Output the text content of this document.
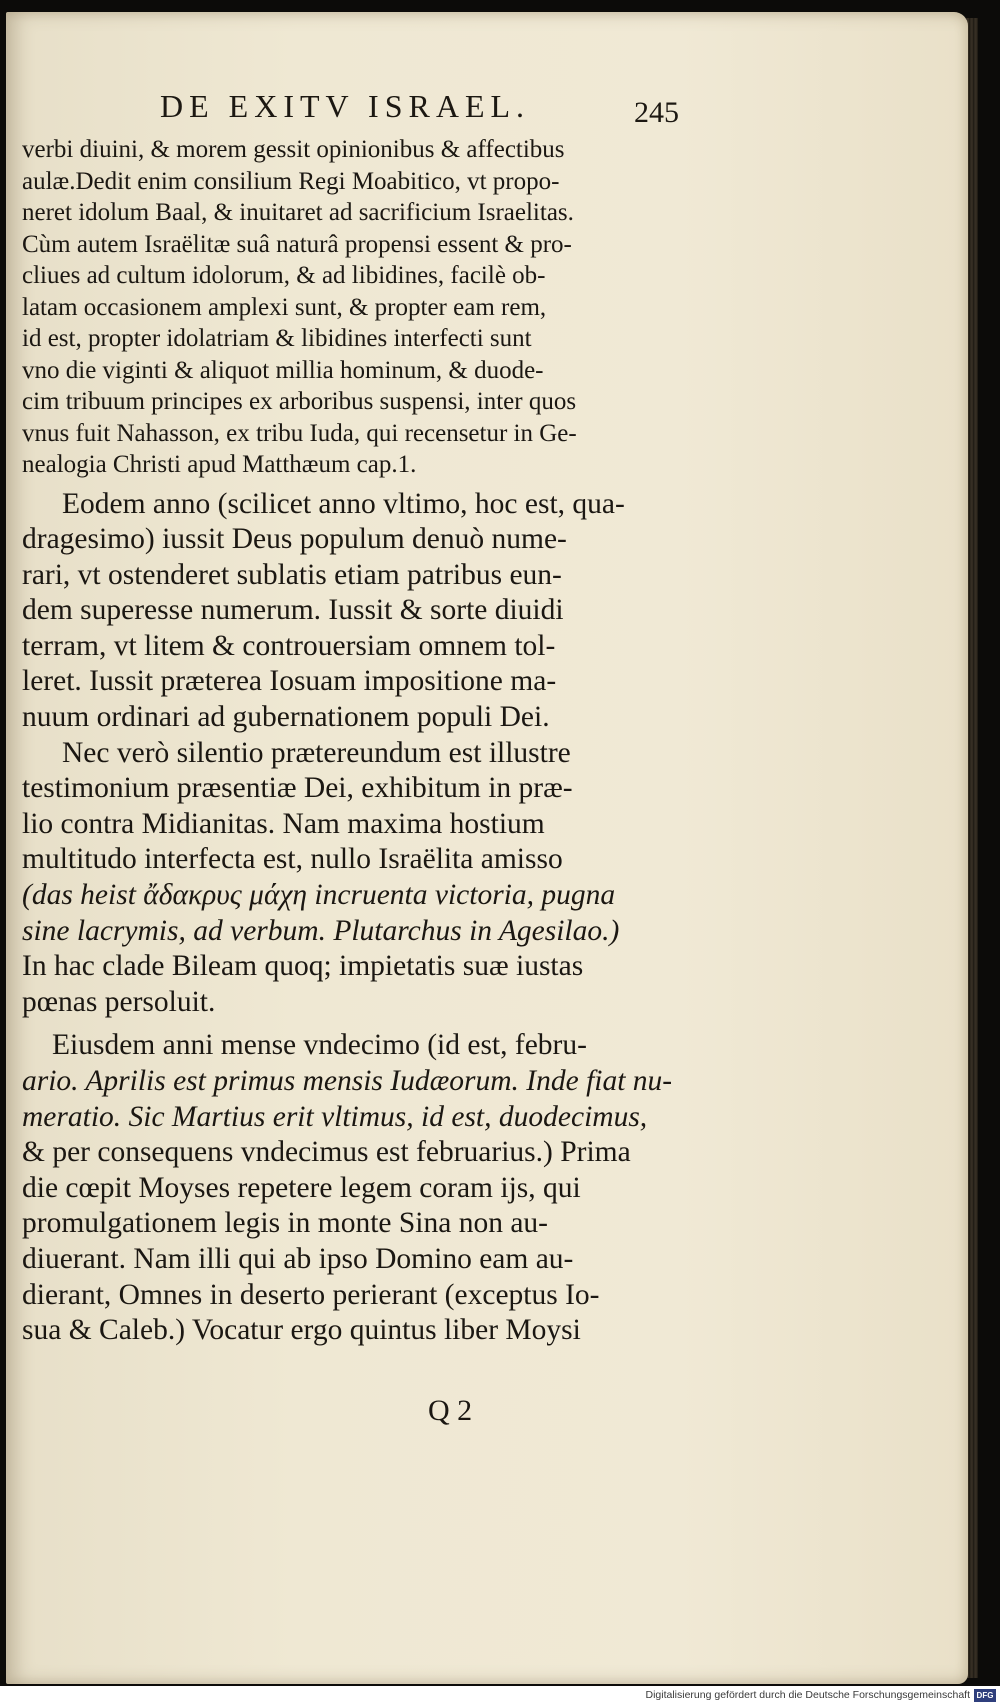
DE EXITV ISRAEL.	245
verbi diuini, & morem gessit opinionibus & affectibus
aulæ.Dedit enim consilium Regi Moabitico, vt propo-
neret idolum Baal, & inuitaret ad sacrificium Israelitas.
Cùm autem Israëlitæ suâ naturâ propensi essent & pro-
cliues ad cultum idolorum, & ad libidines, facilè ob-
latam occasionem amplexi sunt, & propter eam rem,
id est, propter idolatriam & libidines interfecti sunt
vno die viginti & aliquot millia hominum, & duode-
cim tribuum principes ex arboribus suspensi, inter quos
vnus fuit Nahasson, ex tribu Iuda, qui recensetur in Ge-
nealogia Christi apud Matthæum cap.1.
Eodem anno (scilicet anno vltimo, hoc est, qua-
dragesimo) iussit Deus populum denuò nume-
rari, vt ostenderet sublatis etiam patribus eun-
dem superesse numerum. Iussit & sorte diuidi
terram, vt litem & controuersiam omnem tol-
leret. Iussit præterea Iosuam impositione ma-
nuum ordinari ad gubernationem populi Dei.
Nec verò silentio prætereundum est illustre
testimonium præsentiæ Dei, exhibitum in præ-
lio contra Midianitas. Nam maxima hostium
multitudo interfecta est, nullo Israëlita amisso
(das heist ἄδακρυς μάχη incruenta victoria, pugna
sine lacrymis, ad verbum. Plutarchus in Agesilao.)
In hac clade Bileam quoq; impietatis suæ iustas
pœnas persoluit.
Eiusdem anni mense vndecimo (id est, febru-
ario. Aprilis est primus mensis Iudæorum. Inde fiat nu-
meratio. Sic Martius erit vltimus, id est, duodecimus,
& per consequens vndecimus est februarius.) Prima
die cœpit Moyses repetere legem coram ijs, qui
promulgationem legis in monte Sina non au-
diuerant. Nam illi qui ab ipso Domino eam au-
dierant, Omnes in deserto perierant (exceptus Io-
sua & Caleb.) Vocatur ergo quintus liber Moysi
Q 2
Digitalisierung gefördert durch die Deutsche Forschungsgemeinschaft DFG
